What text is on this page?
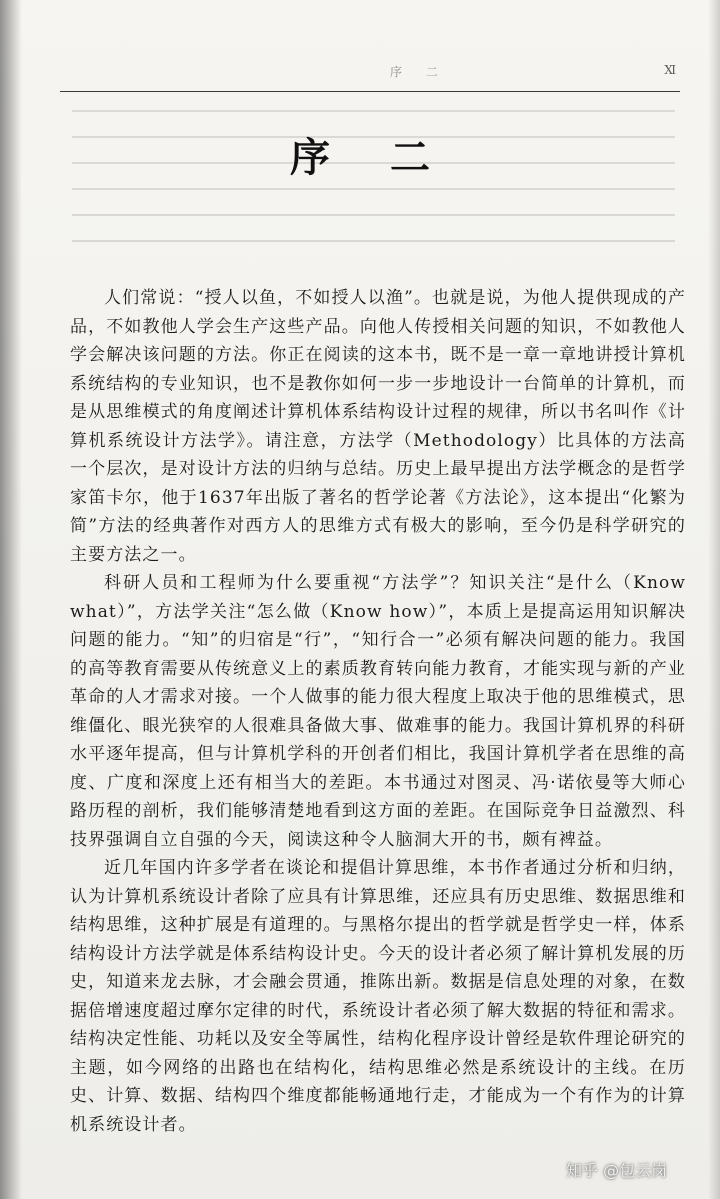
序 二	Ⅺ
序二

人们常说：“授人以鱼，不如授人以渔”。也就是说，为他人提供现成的产品，不如教他人学会生产这些产品。向他人传授相关问题的知识，不如教他人学会解决该问题的方法。你正在阅读的这本书，既不是一章一章地讲授计算机系统结构的专业知识，也不是教你如何一步一步地设计一台简单的计算机，而是从思维模式的角度阐述计算机体系结构设计过程的规律，所以书名叫作《计算机系统设计方法学》。请注意，方法学（Methodology）比具体的方法高一个层次，是对设计方法的归纳与总结。历史上最早提出方法学概念的是哲学家笛卡尔，他于1637年出版了著名的哲学论著《方法论》，这本提出“化繁为简”方法的经典著作对西方人的思维方式有极大的影响，至今仍是科学研究的主要方法之一。

科研人员和工程师为什么要重视“方法学”？知识关注“是什么（Know what）”，方法学关注“怎么做（Know how）”，本质上是提高运用知识解决问题的能力。“知”的归宿是“行”，“知行合一”必须有解决问题的能力。我国的高等教育需要从传统意义上的素质教育转向能力教育，才能实现与新的产业革命的人才需求对接。一个人做事的能力很大程度上取决于他的思维模式，思维僵化、眼光狭窄的人很难具备做大事、做难事的能力。我国计算机界的科研水平逐年提高，但与计算机学科的开创者们相比，我国计算机学者在思维的高度、广度和深度上还有相当大的差距。本书通过对图灵、冯·诺依曼等大师心路历程的剖析，我们能够清楚地看到这方面的差距。在国际竞争日益激烈、科技界强调自立自强的今天，阅读这种令人脑洞大开的书，颇有裨益。

近几年国内许多学者在谈论和提倡计算思维，本书作者通过分析和归纳，认为计算机系统设计者除了应具有计算思维，还应具有历史思维、数据思维和结构思维，这种扩展是有道理的。与黑格尔提出的哲学就是哲学史一样，体系结构设计方法学就是体系结构设计史。今天的设计者必须了解计算机发展的历史，知道来龙去脉，才会融会贯通，推陈出新。数据是信息处理的对象，在数据倍增速度超过摩尔定律的时代，系统设计者必须了解大数据的特征和需求。结构决定性能、功耗以及安全等属性，结构化程序设计曾经是软件理论研究的主题，如今网络的出路也在结构化，结构思维必然是系统设计的主线。在历史、计算、数据、结构四个维度都能畅通地行走，才能成为一个有作为的计算机系统设计者。

知乎 @包云岗
